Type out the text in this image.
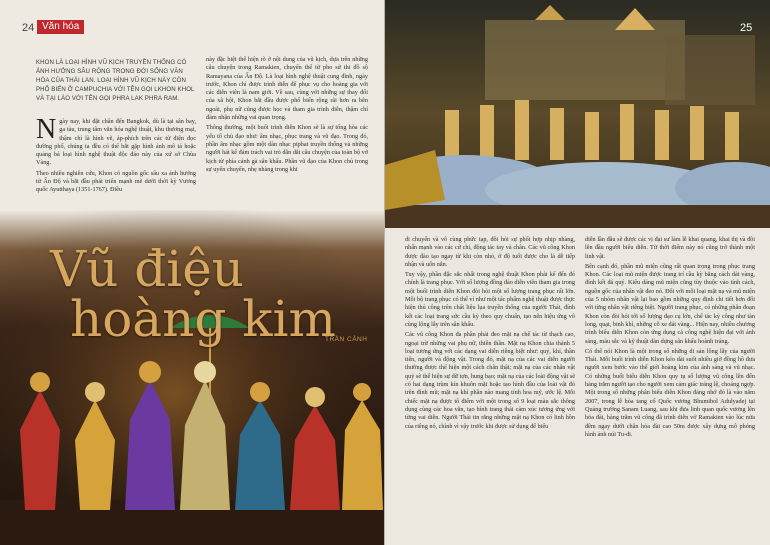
24 Văn hóa
KHON LÀ LOẠI HÌNH VŨ KỊCH TRUYỀN THỐNG CÓ ẢNH HƯỞNG SÂU RỘNG TRONG ĐỜI SỐNG VĂN HÓA CỦA THÁI LAN. LOẠI HÌNH VŨ KỊCH NÀY CÒN PHỔ BIẾN Ở CAMPUCHIA VỚI TÊN GỌI LKHON KHOL VÀ TẠI LÀO VỚI TÊN GỌI PHRA LAK PHRA RAM.

Ngày nay, khi đặt chân đến Bangkok, dù là tại sân bay, ga tàu, trung tâm văn hóa nghệ thuật, khu thương mại, thậm chí là hình vẽ, áp-phích trên các từ điện đọc đường phố, chúng ta đều có thể bắt gặp hình ảnh mô tả hoặc quảng bá loại hình nghệ thuật độc đáo này của xứ sở Chùa Vàng.

Theo nhiều nghiên cứu, Khon có nguồn gốc sâu xa ảnh hưởng từ Ấn Độ và bắt đầu phát triển mạnh mẽ dưới thời kỳ Vương quốc Ayutthaya (1351-1767). Điều

này đặc biệt thể hiện rõ ở nội dung của vũ kịch, dựa trên những câu chuyện trong Ramakien, chuyển thể từ pho sử thi đồ sộ Ramayana của Ấn Độ. Là loại hình nghệ thuật cung đình, ngày trước, Khon chỉ được trình diễn để phục vụ cho hoàng gia với các diễn viên là nam giới. Về sau, cùng với những sự thay đổi của xã hội, Khon bắt đầu được phổ biến rộng rãi hơn ra bên ngoài, phụ nữ cũng được học và tham gia trình diễn, thậm chí đảm nhận những vai quan trọng.

Thông thường, một buổi trình diễn Khon sẽ là sự tổng hòa các yếu tố chủ đạo như: âm nhạc, phục trang và vũ đạo. Trong đó, phần âm nhạc gồm một dàn nhạc piphat truyền thống và những người hát kể đảm trách vai trò dẫn dắt câu chuyện của toàn bộ vở kịch từ phía cánh gà sân khấu. Phần vũ đạo của Khon chủ trong sự uyển chuyển, nhẹ nhàng trong khi

Vũ điệu
hoàng kim
TRẦN CẢNH
25

di chuyển và vô cùng phức tạp, đôi hỏi sự phối hợp nhịp nhàng, nhấn mạnh vào các cử chỉ, động tác tay và chân. Các vũ công Khon được đào tạo ngay từ khi còn nhỏ, ở độ tuổi được cho là dễ tiếp nhận và uốn nắn.

Tuy vậy, phần đặc sắc nhất trong nghệ thuật Khon phải kể đến đó chính là trang phục. Với số lượng đồng đảo diễn viên tham gia trong một buổi trình diễn Khon đòi hỏi một số lượng trang phục rất lớn. Mỗi bộ trang phục có thể ví như một tác phẩm nghệ thuật được thực hiện thủ công trên chất liệu lụa truyền thống của người Thái, đính kết các loại trang sức cầu kỳ theo quy chuẩn, tạo nên hiệu ứng vô cùng lộng lẫy trên sân khấu.

Các vũ công Khon đa phần phải đeo mặt nạ chế tác từ thạch cao, ngoại trừ những vai phụ nữ, thiên thần. Mặt nạ Khon chia thành 5 loại tương ứng với các dạng vai diễn riêng biệt như: quỷ, khỉ, thần tiên, người và động vật. Trong đó, mặt nạ của các vai diễn người thường được thể hiện một cách chân thật; mặt nạ của các nhân vật quỷ sẽ thể hiện sự dữ tợn, hung bạo; mặt nạ của các loài động vật sẽ có hai dạng trùm kín khuôn mặt hoặc tạo hình đầu của loài vật đó trên đỉnh mũ; mặt nạ khỉ phần nào mang tính hoa mỹ, ước lệ. Mỗi chiếc mặt nạ được tô điểm với một trong số 9 loại màu sắc thông dụng cùng các hoa văn, tạo hình trang thái cảm xúc tương ứng với từng vai diễn. Người Thái tin rằng những mặt nạ Khon có linh hồn của riêng nó, chính vì vậy trước khi được sử dụng để biểu

diễn lần đầu sẽ được các vị đại sư làm lễ khai quang, khai thị và đôi lên đầu người biểu diễn. Từ thời điểm này nó cũng trở thành một linh vật.

Bên cạnh đó, phần mũ miện cũng rất quan trọng trong phục trang Khon. Các loại mũ miện được trang trí cầu kỳ bằng cách dát vàng, đính kết đá quý. Kiểu dáng mũ miện cũng tùy thuộc vào tính cách, nguồn gốc của nhân vật đeo nó. Đối với mỗi loại mặt nạ và mũ miện của 5 nhóm nhân vật lại bao gồm những quy định chi tiết hơn đối với từng nhân vật riêng biệt. Người trang phục, có những phân đoạn Khon còn đòi hỏi tới số lượng đạo cụ lớn, chế tác kỳ công như tàn long, quạt, binh khí, những cỗ xe dát vàng... Hiện nay, nhiều chương trình biểu diễn Khon còn ứng dụng cả công nghệ hiện đại với ánh sáng, màu sắc và kỹ thuật dàn dựng sân khấu hoành tráng.

Có thể nói Khon là một trong số những di sản lông lẫy của người Thái. Mỗi buổi trình diễn Khon kéo dài suốt nhiều giờ đồng hồ đưa người xem bước vào thế giới hoàng kim của ánh sáng và vũ nhạc. Có những buổi biểu diễn Khon quy tụ số lượng vũ công lên đến hàng trăm người tạo cho người xem cảm giác tráng lệ, choáng ngợp. Một trong số những phân biểu diễn Khon đáng nhớ đó là vào năm 2007, trong lễ hòa tang cố Quốc vương Bhumibol Adulyadej tại Quảng trường Sanam Luang, sau khi đưa linh quan quốc vương lên hỏa đài, hàng trăm vũ công đã trình diễn vở Ramakien vào lúc nửa đêm ngay dưới chân hỏa đài cao 50m được xây dựng mô phỏng hình ảnh núi Tu-di.
